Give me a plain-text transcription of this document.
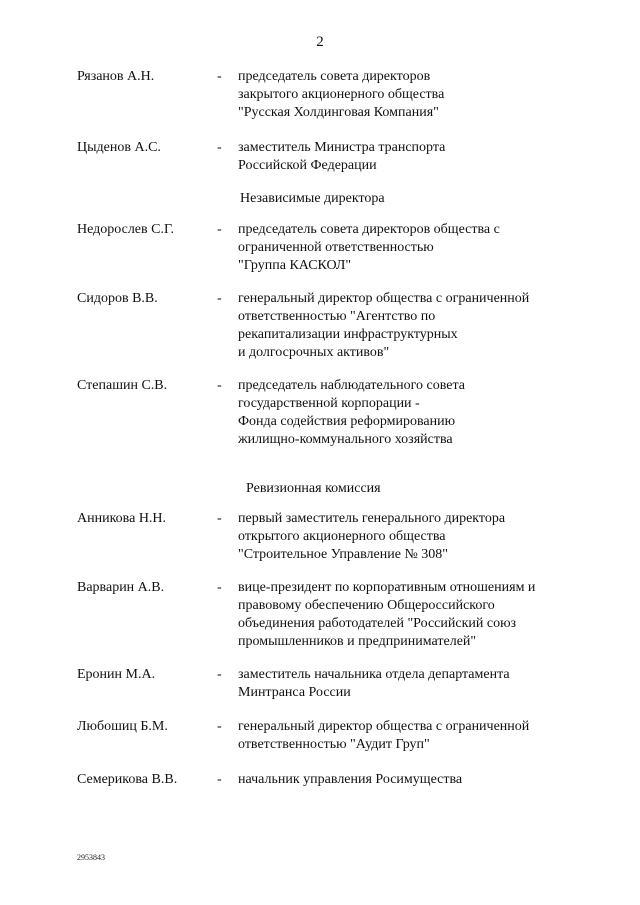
2
Рязанов А.Н.	- председатель совета директоров
закрытого акционерного общества
"Русская Холдинговая Компания"
Цыденов А.С.	- заместитель Министра транспорта
Российской Федерации
Независимые директора
Недорослев С.Г.	- председатель совета директоров общества с
ограниченной ответственностью
"Группа КАСКОЛ"
Сидоров В.В.	- генеральный директор общества с ограниченной
ответственностью "Агентство по
рекапитализации инфраструктурных
и долгосрочных активов"
Степашин С.В.	- председатель наблюдательного совета
государственной корпорации -
Фонда содействия реформированию
жилищно-коммунального хозяйства
Ревизионная комиссия
Анникова Н.Н.	- первый заместитель генерального директора
открытого акционерного общества
"Строительное Управление № 308"
Варварин А.В.	- вице-президент по корпоративным отношениям и
правовому обеспечению Общероссийского
объединения работодателей "Российский союз
промышленников и предпринимателей"
Еронин М.А.	- заместитель начальника отдела департамента
Минтранса России
Любошиц Б.М.	- генеральный директор общества с ограниченной
ответственностью "Аудит Груп"
Семерикова В.В.	- начальник управления Росимущества
2953843
